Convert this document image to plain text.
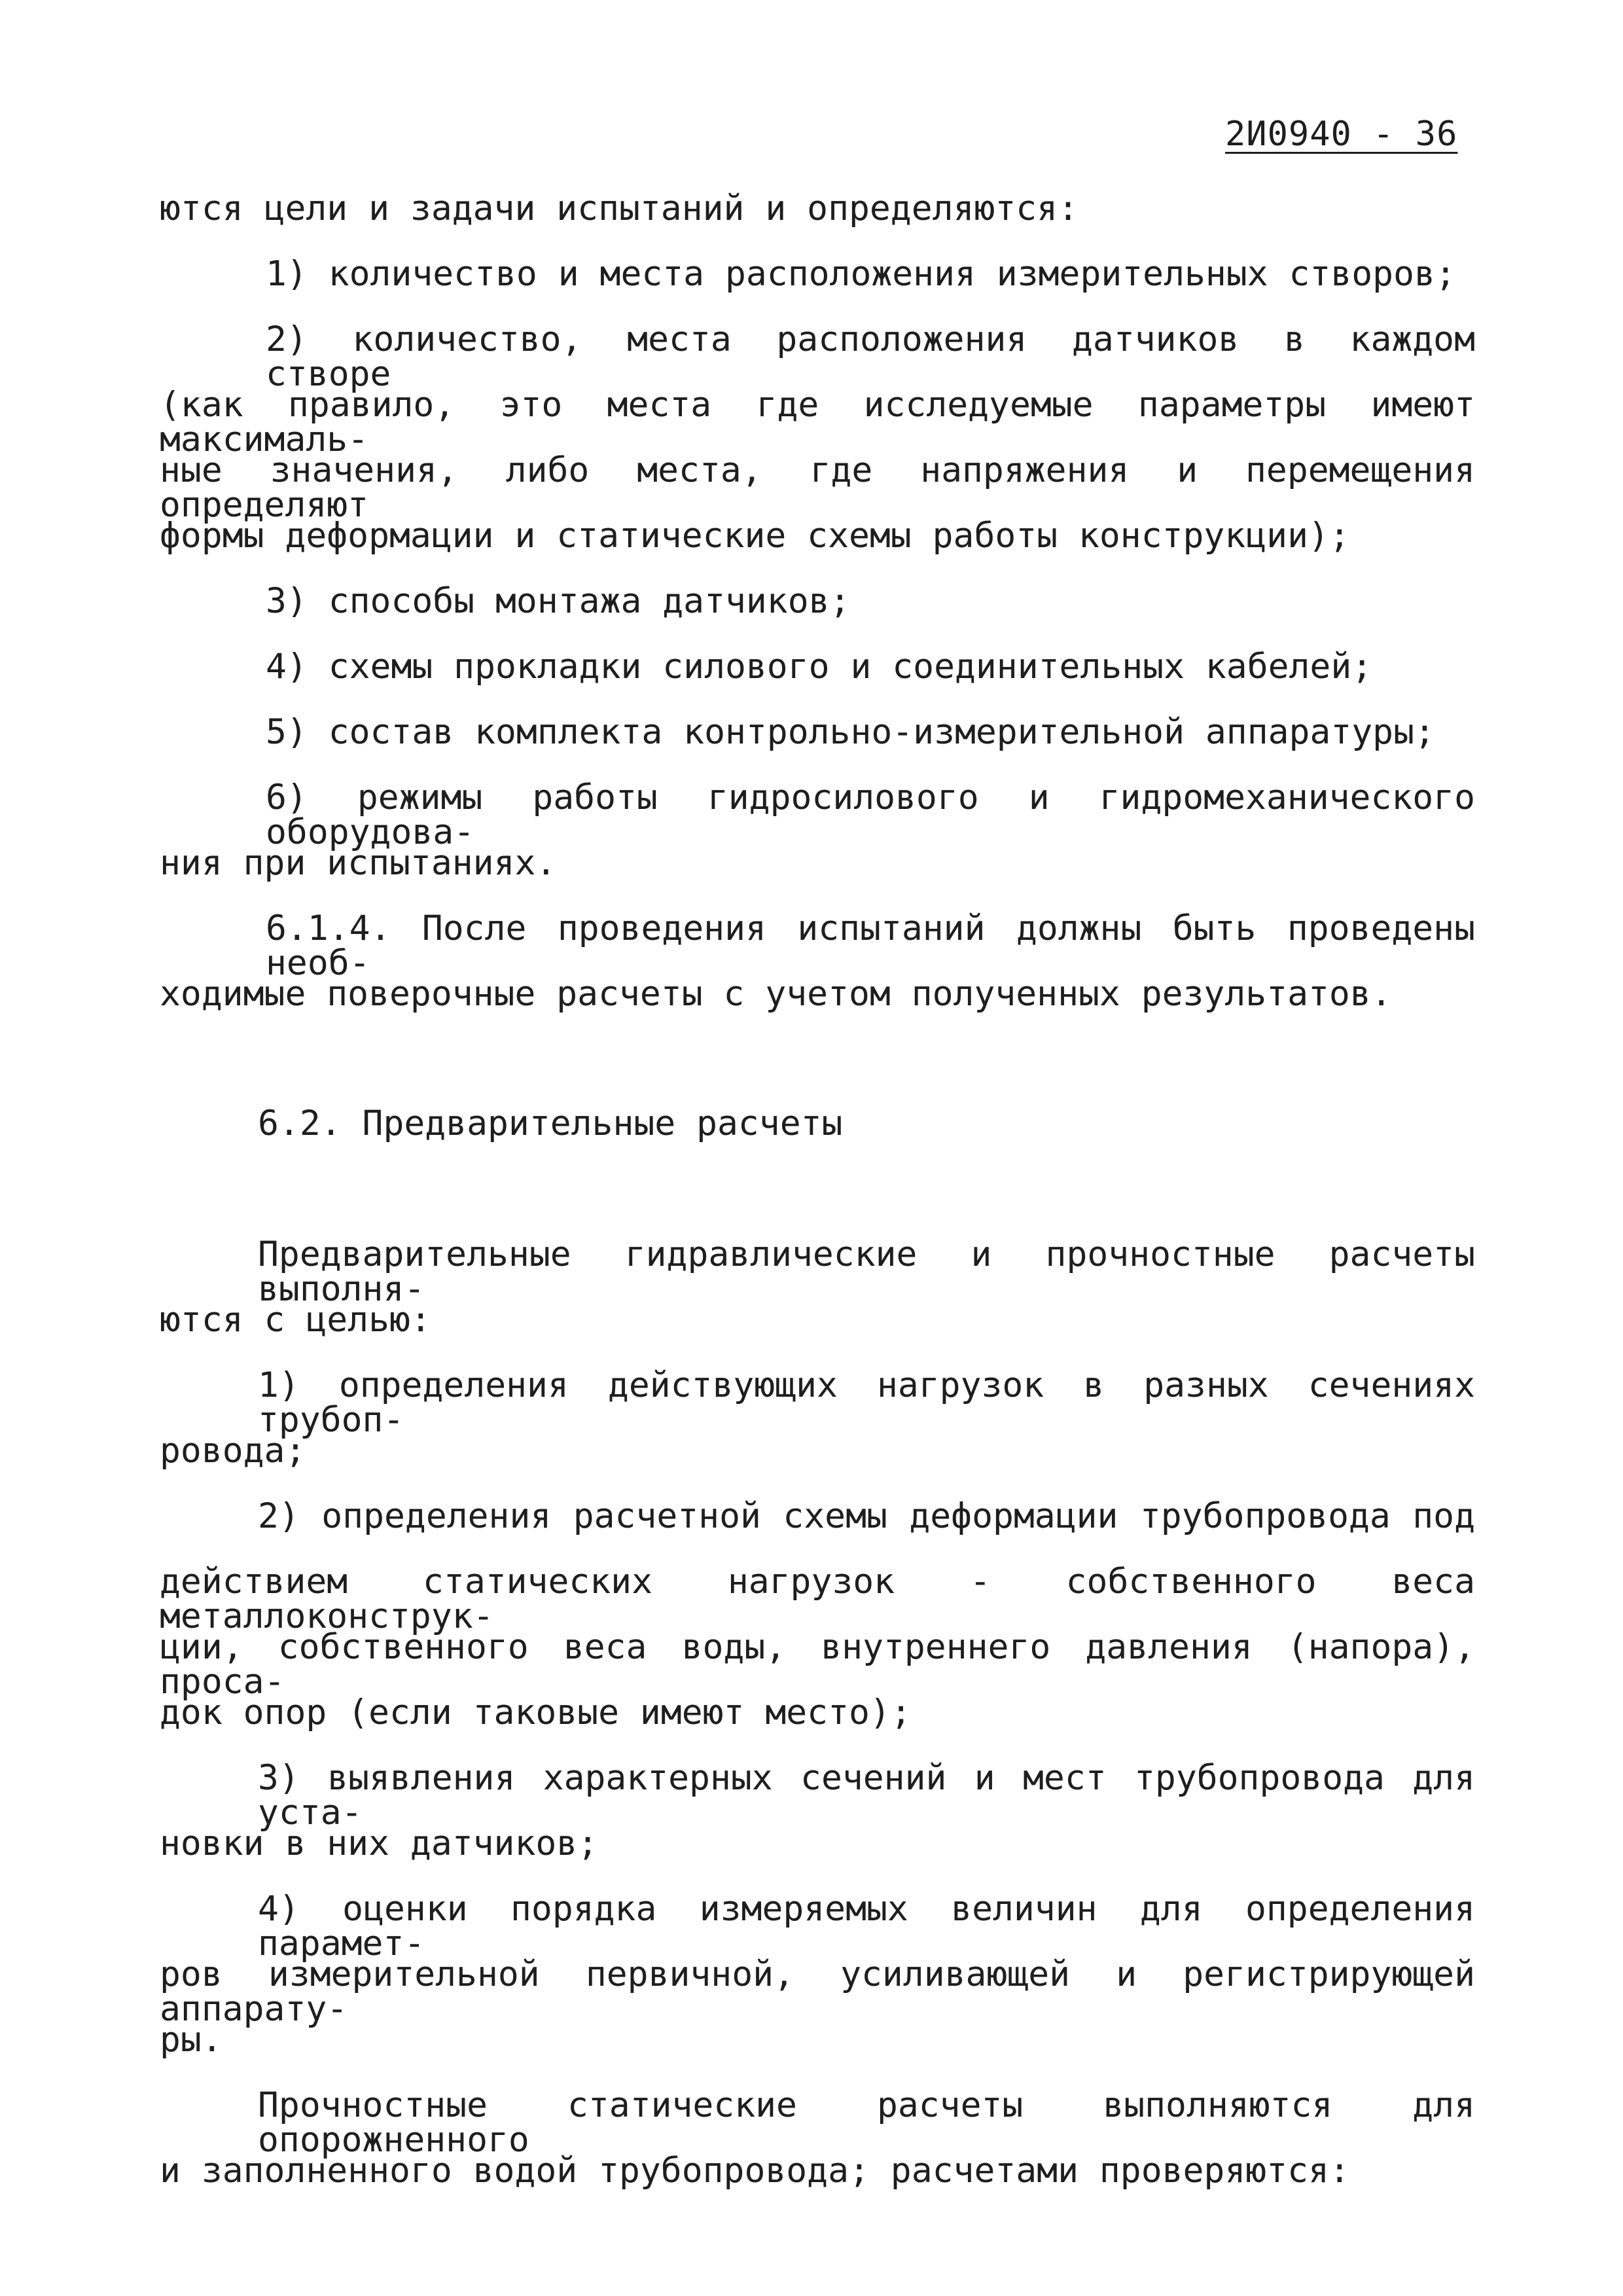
2И0940 - 36
ются цели и задачи испытаний и определяются:
1) количество и места расположения измерительных створов;
2) количество, места расположения датчиков в каждом створе
(как правило, это места где исследуемые параметры имеют максималь-
ные значения, либо места, где напряжения и перемещения определяют
формы деформации и статические схемы работы конструкции);
3) способы монтажа датчиков;
4) схемы прокладки силового и соединительных кабелей;
5) состав комплекта контрольно-измерительной аппаратуры;
6) режимы работы гидросилового и гидромеханического оборудова-
ния при испытаниях.
6.1.4. После проведения испытаний должны быть проведены необ-
ходимые поверочные расчеты с учетом полученных результатов.
6.2. Предварительные расчеты
Предварительные гидравлические и прочностные расчеты выполня-
ются с целью:
1) определения действующих нагрузок в разных сечениях трубоп-
ровода;
2) определения расчетной схемы деформации трубопровода под
действием статических нагрузок - собственного веса металлоконструк-
ции, собственного веса воды, внутреннего давления (напора), проса-
док опор (если таковые имеют место);
3) выявления характерных сечений и мест трубопровода для уста-
новки в них датчиков;
4) оценки порядка измеряемых величин для определения парамет-
ров измерительной первичной, усиливающей и регистрирующей аппарату-
ры.
Прочностные статические расчеты выполняются для опорожненного
и заполненного водой трубопровода; расчетами проверяются:
